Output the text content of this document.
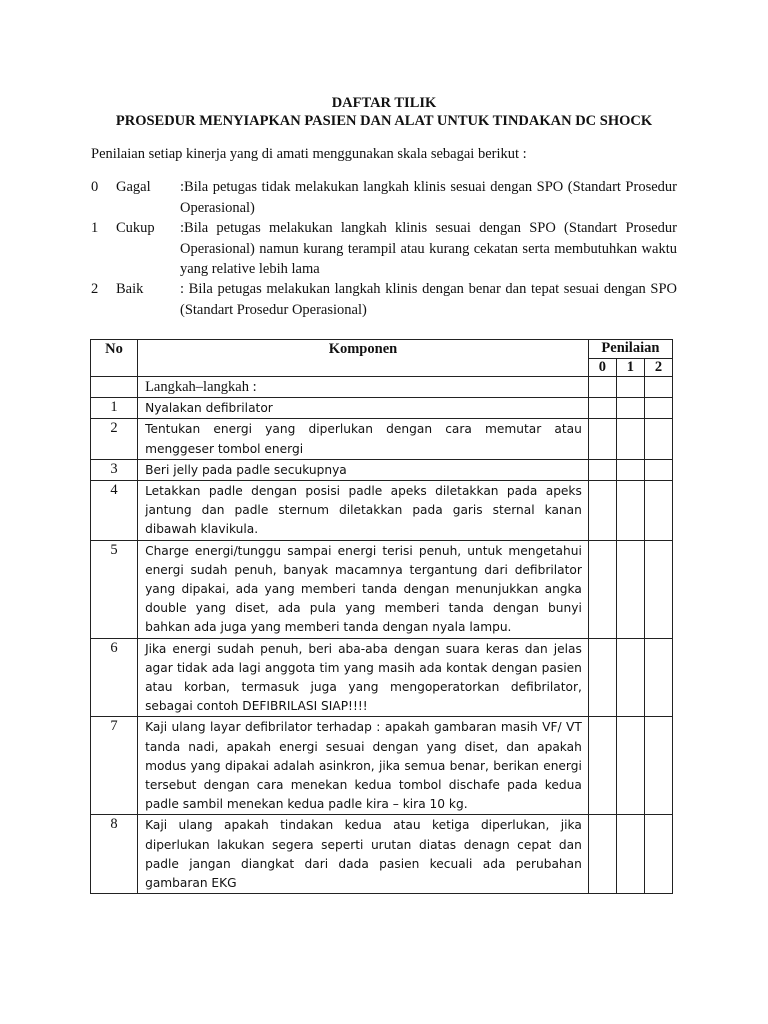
DAFTAR TILIK
PROSEDUR MENYIAPKAN PASIEN DAN ALAT UNTUK TINDAKAN DC SHOCK
Penilaian setiap kinerja yang di amati menggunakan skala sebagai berikut :
0 Gagal :Bila petugas tidak melakukan langkah klinis sesuai dengan SPO (Standart Prosedur Operasional)
1 Cukup :Bila petugas melakukan langkah klinis sesuai dengan SPO (Standart Prosedur Operasional) namun kurang terampil atau kurang cekatan serta membutuhkan waktu yang relative lebih lama
2 Baik	: Bila petugas melakukan langkah klinis dengan benar dan tepat sesuai dengan SPO (Standart Prosedur Operasional)
No	Komponen	Penilaian		
		0	1	2
	Langkah–langkah :			
1	Nyalakan defibrilator			
2	Tentukan energi yang diperlukan dengan cara memutar atau menggeser tombol energi			
3	Beri jelly pada padle secukupnya			
4	Letakkan padle dengan posisi padle apeks diletakkan pada apeks jantung dan padle sternum diletakkan pada garis sternal kanan dibawah klavikula.			
5	Charge energi/tunggu sampai energi terisi penuh, untuk mengetahui energi sudah penuh, banyak macamnya tergantung dari defibrilator yang dipakai, ada yang memberi tanda dengan menunjukkan angka double yang diset, ada pula yang memberi tanda dengan bunyi bahkan ada juga yang memberi tanda dengan nyala lampu.			
6	Jika energi sudah penuh, beri aba-aba dengan suara keras dan jelas agar tidak ada lagi anggota tim yang masih ada kontak dengan pasien atau korban, termasuk juga yang mengoperatorkan defibrilator, sebagai contoh DEFIBRILASI SIAP!!!!			
7	Kaji ulang layar defibrilator terhadap : apakah gambaran masih VF/ VT tanda nadi, apakah energi sesuai dengan yang diset, dan apakah modus yang dipakai adalah asinkron, jika semua benar, berikan energi tersebut dengan cara menekan kedua tombol dischafe pada kedua padle sambil menekan kedua padle kira – kira 10 kg.			
8	Kaji ulang apakah tindakan kedua atau ketiga diperlukan, jika diperlukan lakukan segera seperti urutan diatas denagn cepat dan padle jangan diangkat dari dada pasien kecuali ada perubahan gambaran EKG			
